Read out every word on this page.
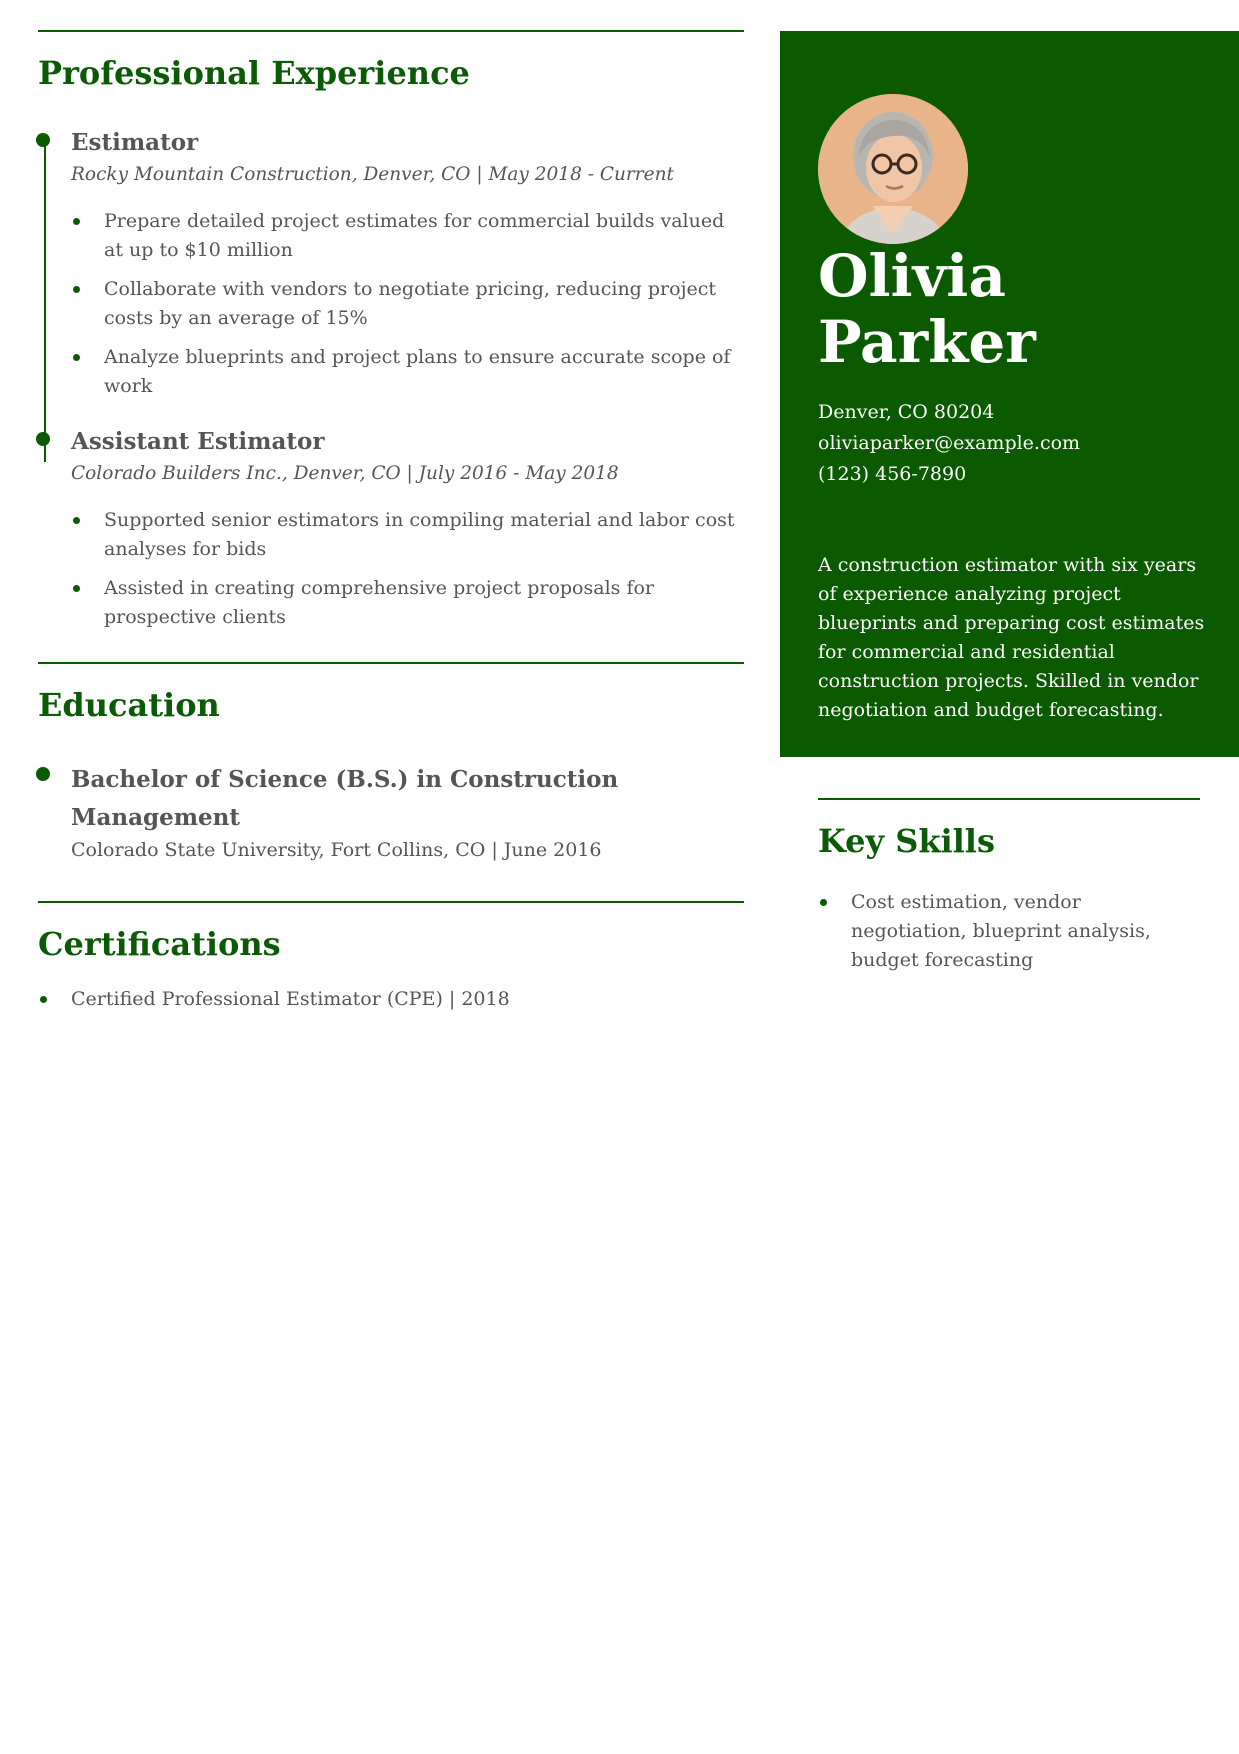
Professional Experience
Estimator
Rocky Mountain Construction, Denver, CO | May 2018 - Current
Prepare detailed project estimates for commercial builds valued at up to $10 million
Collaborate with vendors to negotiate pricing, reducing project costs by an average of 15%
Analyze blueprints and project plans to ensure accurate scope of work
Assistant Estimator
Colorado Builders Inc., Denver, CO | July 2016 - May 2018
Supported senior estimators in compiling material and labor cost analyses for bids
Assisted in creating comprehensive project proposals for prospective clients
Education
Bachelor of Science (B.S.) in Construction Management
Colorado State University, Fort Collins, CO | June 2016
Certifications
Certified Professional Estimator (CPE) | 2018
Olivia
Parker
Denver, CO 80204
oliviaparker@example.com
(123) 456-7890
A construction estimator with six years of experience analyzing project blueprints and preparing cost estimates for commercial and residential construction projects. Skilled in vendor negotiation and budget forecasting.
Key Skills
Cost estimation, vendor negotiation, blueprint analysis, budget forecasting
